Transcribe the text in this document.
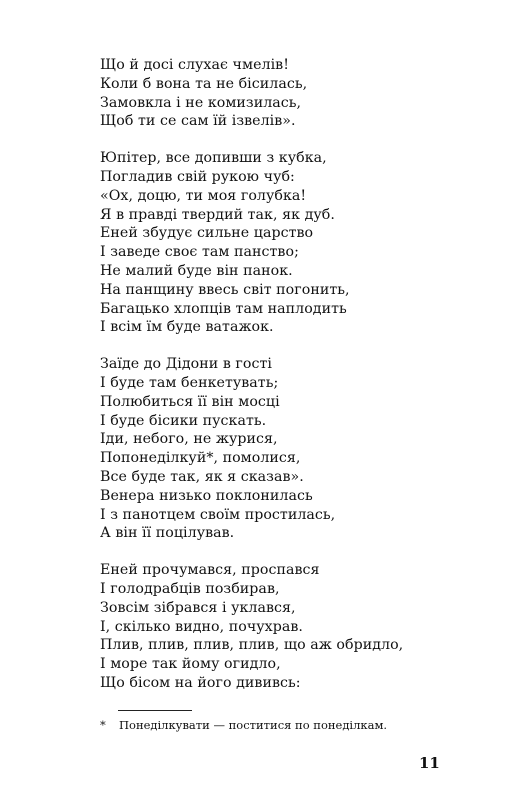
Що й досі слухає чмелів!
Коли б вона та не бісилась,
Замовкла і не комизилась,
Щоб ти се сам їй ізвелів».
Юпітер, все допивши з кубка,
Погладив свій рукою чуб:
«Ох, доцю, ти моя голубка!
Я в правді твердий так, як дуб.
Еней збудує сильне царство
І заведе своє там панство;
Не малий буде він панок.
На панщину ввесь світ погонить,
Багацько хлопців там наплодить
І всім їм буде ватажок.
Заїде до Дідони в гості
І буде там бенкетувать;
Полюбиться її він мосці
І буде бісики пускать.
Іди, небого, не журися,
Попонеділкуй*, помолися,
Все буде так, як я сказав».
Венера низько поклонилась
І з панотцем своїм простилась,
А він її поцілував.
Еней прочумався, проспався
І голодрабців позбирав,
Зовсім зібрався і уклався,
І, скілько видно, почухрав.
Плив, плив, плив, плив, що аж обридло,
І море так йому огидло,
Що бісом на його дививсь:
* Понеділкувати — поститися по понеділкам.
11
